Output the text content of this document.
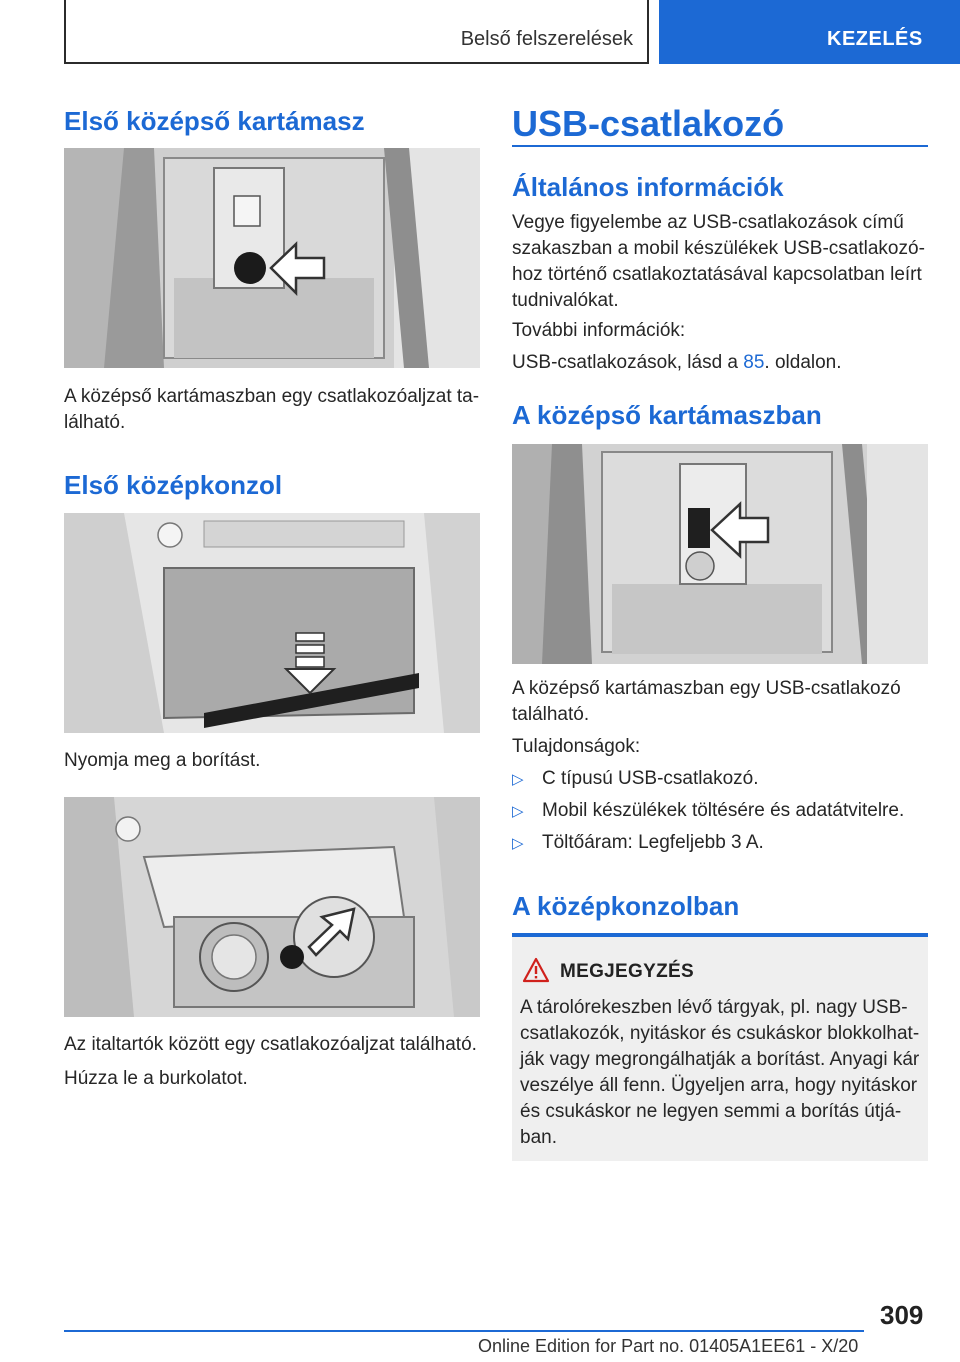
Belső felszerelések	KEZELÉS
Első középső kartámasz
A középső kartámaszban egy csatlakozóaljzat ta-
lálható.
Első középkonzol
Nyomja meg a borítást.
Az italtartók között egy csatlakozóaljzat található.
Húzza le a burkolatot.
USB-csatlakozó
Általános információk
Vegye figyelembe az USB-csatlakozások című
szakaszban a mobil készülékek USB-csatlakozó-
hoz történő csatlakoztatásával kapcsolatban leírt
tudnivalókat.
További információk:
USB-csatlakozások, lásd a 85. oldalon.
A középső kartámaszban
A középső kartámaszban egy USB-csatlakozó
található.
Tulajdonságok:
▷ C típusú USB-csatlakozó.
▷ Mobil készülékek töltésére és adatátvitelre.
▷ Töltőáram: Legfeljebb 3 A.
A középkonzolban
MEGJEGYZÉS
A tárolórekeszben lévő tárgyak, pl. nagy USB-
csatlakozók, nyitáskor és csukáskor blokkolhat-
ják vagy megrongálhatják a borítást. Anyagi kár
veszélye áll fenn. Ügyeljen arra, hogy nyitáskor
és csukáskor ne legyen semmi a borítás útjá-
ban.
309
Online Edition for Part no. 01405A1EE61 - X/20
